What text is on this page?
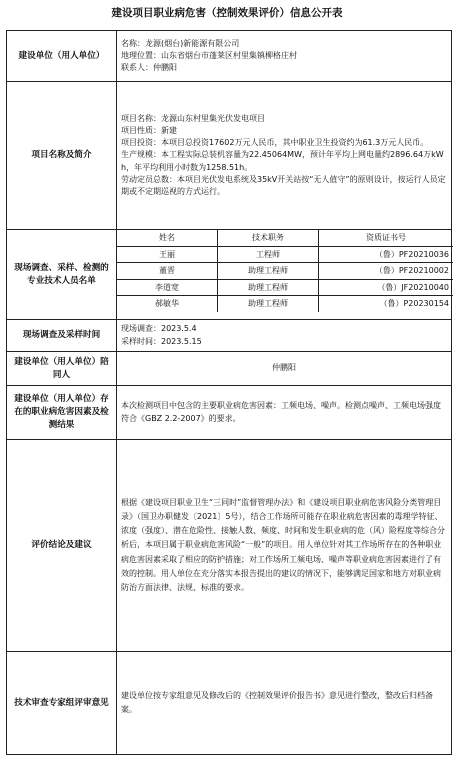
建设项目职业病危害（控制效果评价）信息公开表
建设单位（用人单位）
名称：龙源(烟台)新能源有限公司
地理位置：山东省烟台市蓬莱区村里集镇柳格庄村
联系人：仲鹏阳
项目名称及简介
项目名称：龙源山东村里集光伏发电项目
项目性质：新建
项目投资：本项目总投资17602万元人民币，其中职业卫生投资约为61.3万元人民币。
生产规模：本工程实际总装机容量为22.45064MW，预计年平均上网电量约2896.64万kWh，年平均利用小时数为1258.51h。
劳动定员总数：本项目光伏发电系统及35kV开关站按“无人值守”的原则设计，按运行人员定期或不定期巡视的方式运行。
现场调查、采样、检测的专业技术人员名单
姓名	技术职务	资质证书号
王丽	工程师	（鲁）PF20210036
董晋	助理工程师	（鲁）PF20210002
李道宽	助理工程师	（鲁）JF20210040
郝敏华	助理工程师	（鲁）P20230154
现场调查及采样时间
现场调查：2023.5.4
采样时间：2023.5.15
建设单位（用人单位）陪同人
仲鹏阳
建设单位（用人单位）存在的职业病危害因素及检测结果
本次检测项目中包含的主要职业病危害因素：工频电场、噪声。检测点噪声、工频电场强度符合《GBZ 2.2-2007》的要求。
评价结论及建议
根据《建设项目职业卫生“三同时”监督管理办法》和《建设项目职业病危害风险分类管理目录》（国卫办职健发〔2021〕5号），结合工作场所可能存在职业病危害因素的毒理学特征、浓度（强度）、潜在危险性、接触人数、频度、时间和发生职业病的危（风）险程度等综合分析后，本项目属于职业病危害风险“一般”的项目。用人单位针对其工作场所存在的各种职业病危害因素采取了相应的防护措施；对工作场所工频电场、噪声等职业病危害因素进行了有效的控制。用人单位在充分落实本报告提出的建议的情况下，能够满足国家和地方对职业病防治方面法律、法规、标准的要求。
技术审查专家组评审意见
建设单位按专家组意见及修改后的《控制效果评价报告书》意见进行整改，整改后归档备案。
